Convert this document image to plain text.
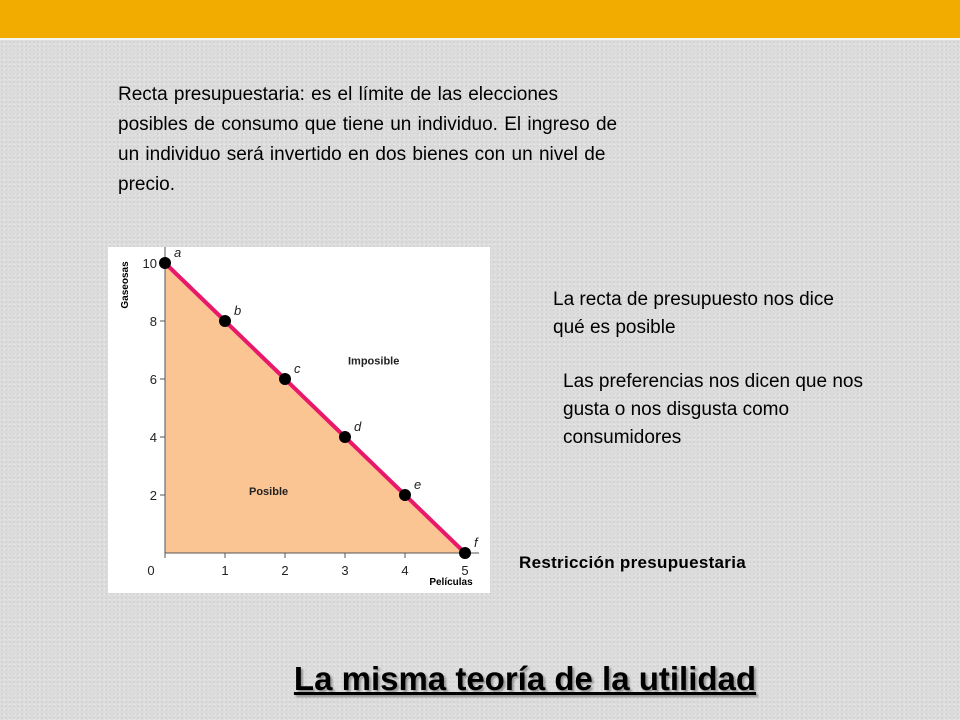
Recta presupuestaria: es el límite de las elecciones posibles de consumo que tiene un individuo. El ingreso de un individuo será invertido en dos bienes con un nivel de precio.
2
4
6
8
10
0	1	2	3	4	5
a
b
c
d
e
f
Posible
Imposible
Gaseosas
Películas
La recta de presupuesto nos dice qué es posible
Las preferencias nos dicen que nos gusta o nos disgusta como consumidores
Restricción presupuestaria
La misma teoría de la utilidad
